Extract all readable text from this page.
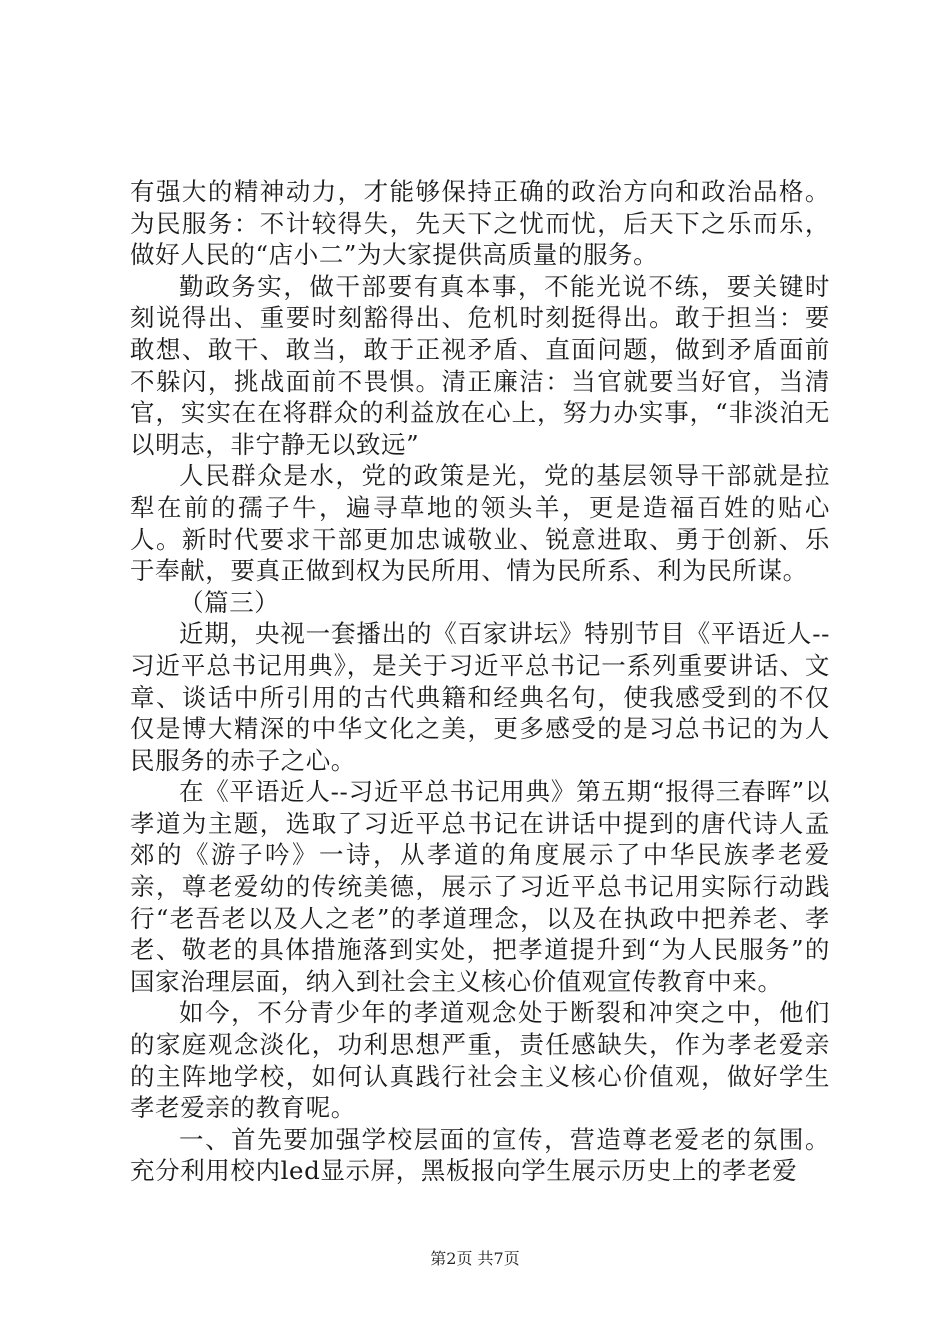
有强大的精神动力，才能够保持正确的政治方向和政治品格。为民服务：不计较得失，先天下之忧而忧，后天下之乐而乐，做好人民的“店小二”为大家提供高质量的服务。

勤政务实，做干部要有真本事，不能光说不练，要关键时刻说得出、重要时刻豁得出、危机时刻挺得出。敢于担当：要敢想、敢干、敢当，敢于正视矛盾、直面问题，做到矛盾面前不躲闪，挑战面前不畏惧。清正廉洁：当官就要当好官，当清官，实实在在将群众的利益放在心上，努力办实事，“非淡泊无以明志，非宁静无以致远”

人民群众是水，党的政策是光，党的基层领导干部就是拉犁在前的孺子牛，遍寻草地的领头羊，更是造福百姓的贴心人。新时代要求干部更加忠诚敬业、锐意进取、勇于创新、乐于奉献，要真正做到权为民所用、情为民所系、利为民所谋。

（篇三）

近期，央视一套播出的《百家讲坛》特别节目《平语近人--习近平总书记用典》，是关于习近平总书记一系列重要讲话、文章、谈话中所引用的古代典籍和经典名句，使我感受到的不仅仅是博大精深的中华文化之美，更多感受的是习总书记的为人民服务的赤子之心。

在《平语近人--习近平总书记用典》第五期“报得三春晖”以孝道为主题，选取了习近平总书记在讲话中提到的唐代诗人孟郊的《游子吟》一诗，从孝道的角度展示了中华民族孝老爱亲，尊老爱幼的传统美德，展示了习近平总书记用实际行动践行“老吾老以及人之老”的孝道理念，以及在执政中把养老、孝老、敬老的具体措施落到实处，把孝道提升到“为人民服务”的国家治理层面，纳入到社会主义核心价值观宣传教育中来。

如今，不分青少年的孝道观念处于断裂和冲突之中，他们的家庭观念淡化，功利思想严重，责任感缺失，作为孝老爱亲的主阵地学校，如何认真践行社会主义核心价值观，做好学生孝老爱亲的教育呢。

一、首先要加强学校层面的宣传，营造尊老爱老的氛围。充分利用校内led显示屏，黑板报向学生展示历史上的孝老爱

第2页 共7页
